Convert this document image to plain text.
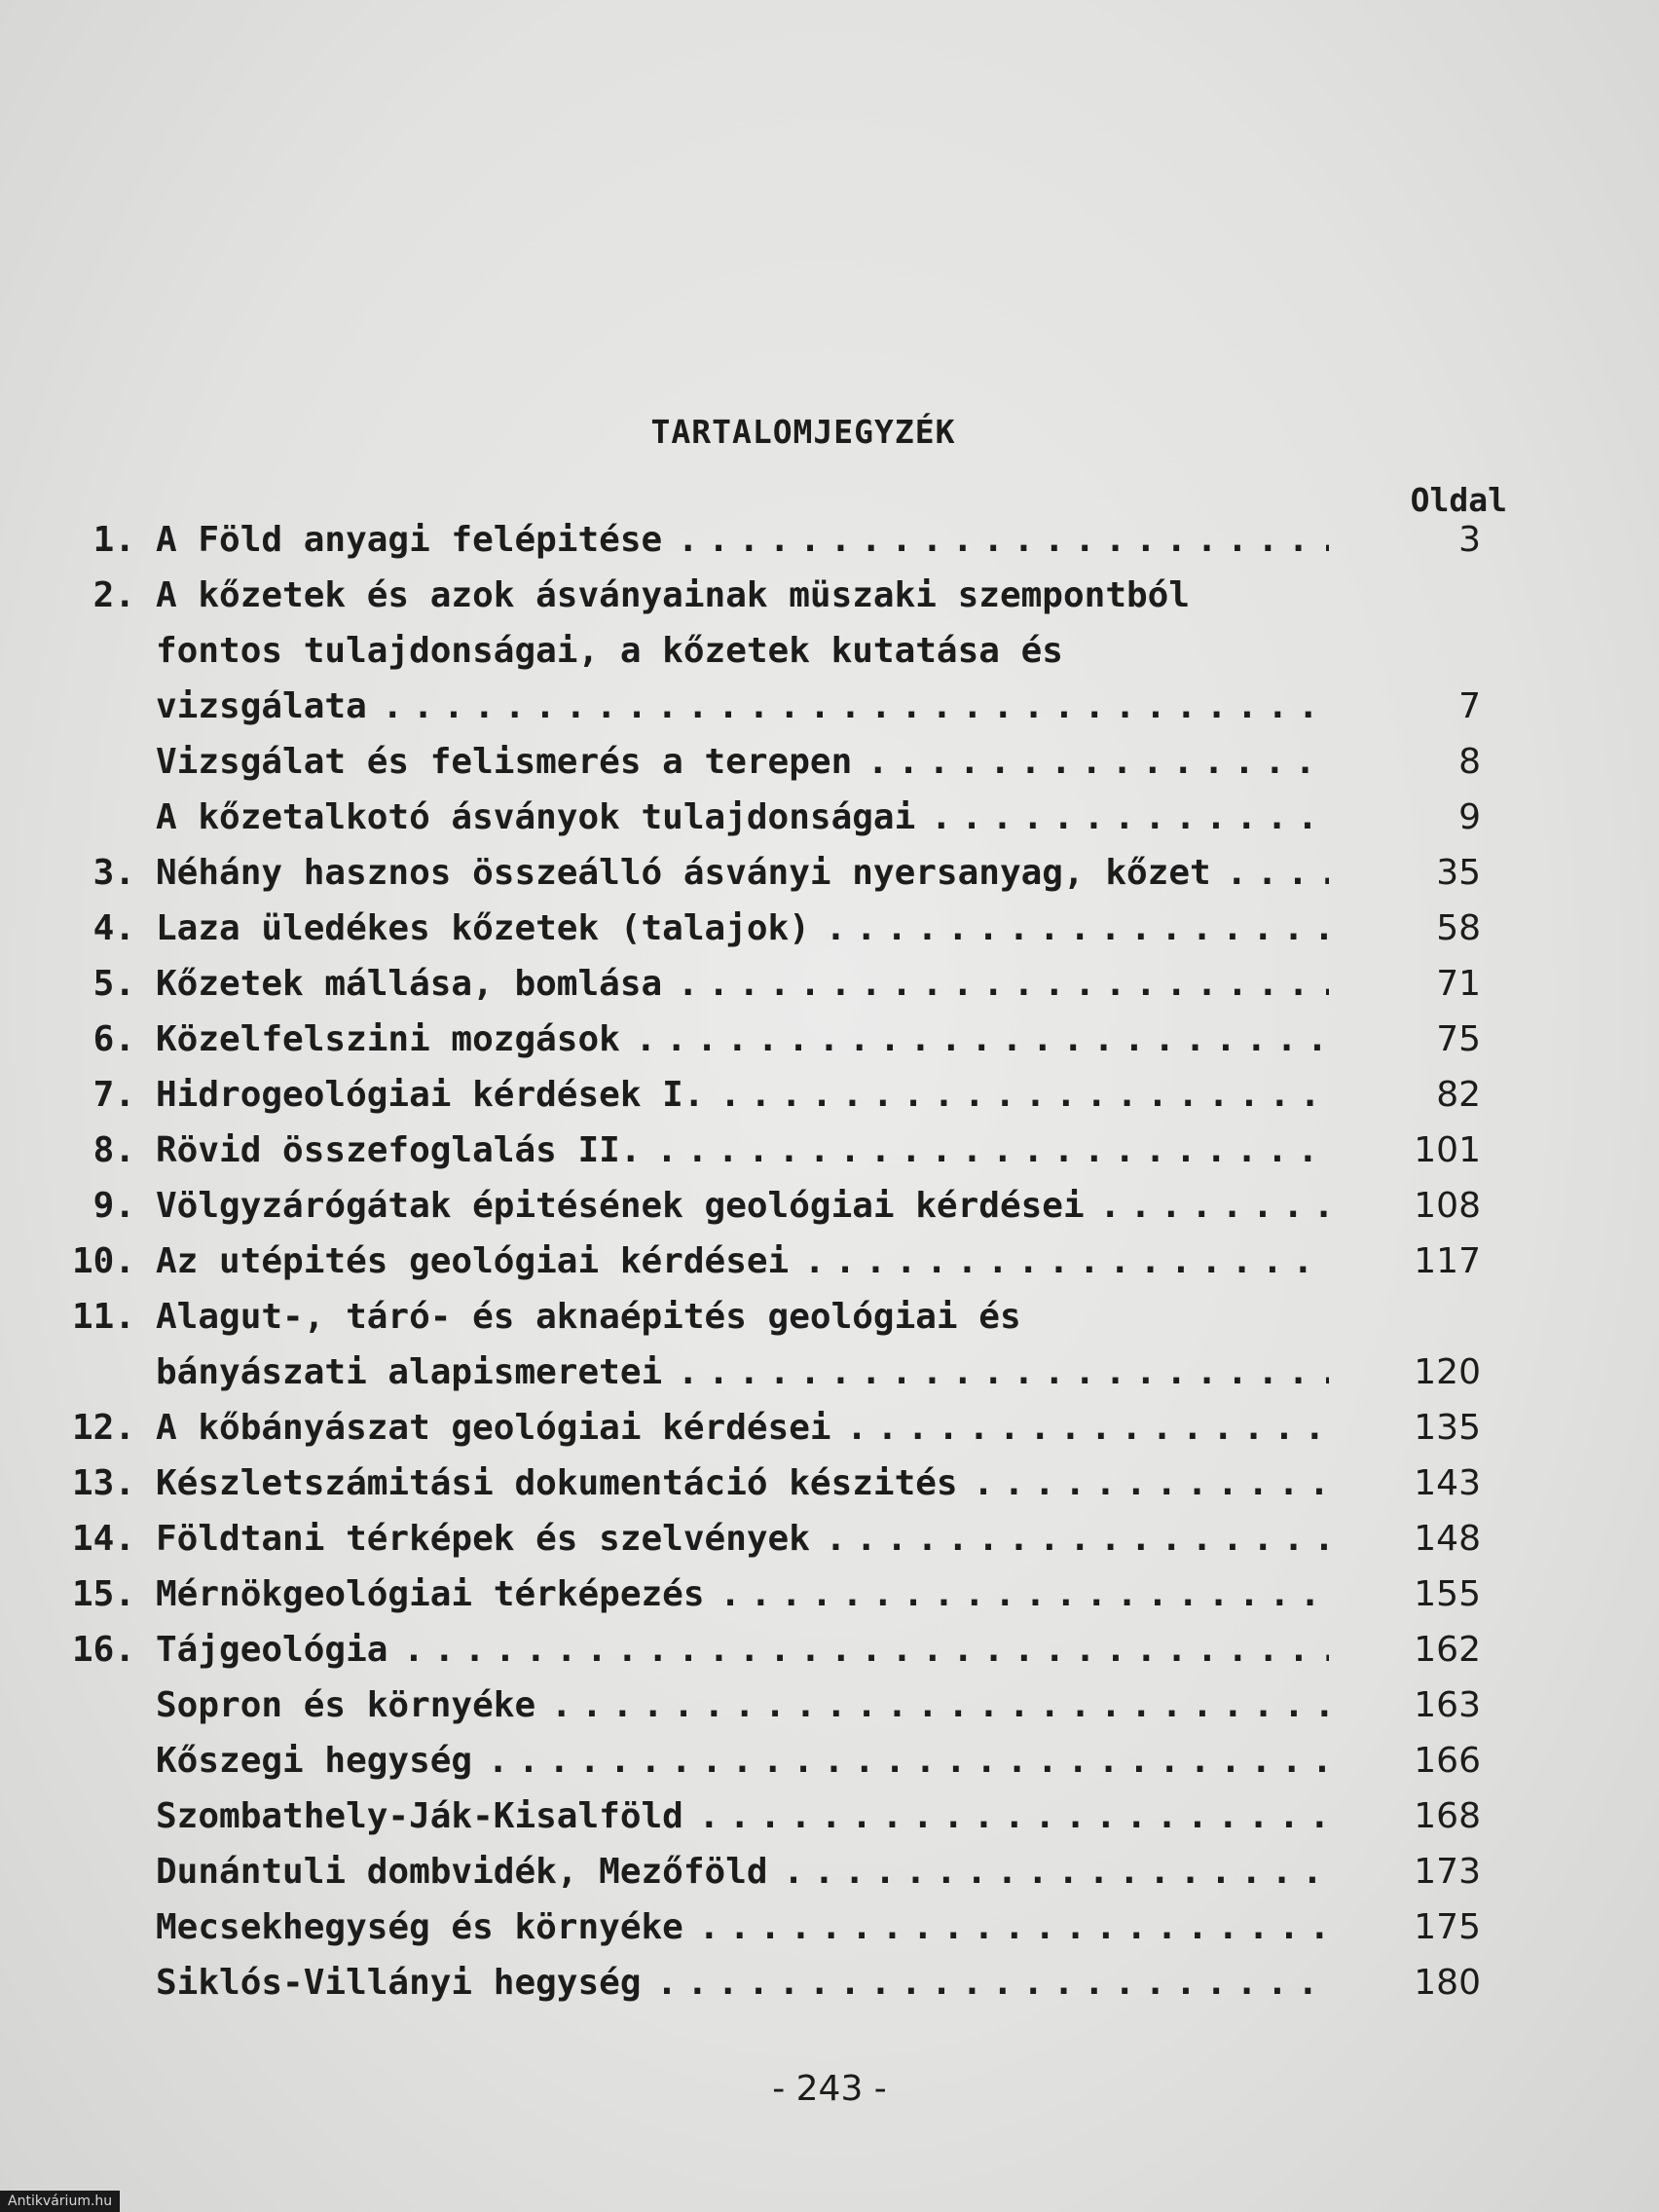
TARTALOMJEGYZÉK
Oldal
1. A Föld anyagi felépitése . . .	3
2. A kőzetek és azok ásványainak müszaki szempontból
fontos tulajdonságai, a kőzetek kutatása és
vizsgálata . . .	7
Vizsgálat és felismerés a terepen . . .	8
A kőzetalkotó ásványok tulajdonságai . . .	9
3. Néhány hasznos összeálló ásványi nyersanyag, kőzet . . .	35
4. Laza üledékes kőzetek (talajok) . . .	58
5. Kőzetek mállása, bomlása . . .	71
6. Közelfelszini mozgások . . .	75
7. Hidrogeológiai kérdések I. . . .	82
8. Rövid összefoglalás II. . . .	101
9. Völgyzárógátak épitésének geológiai kérdései . . .	108
10. Az utépités geológiai kérdései . . .	117
11. Alagut-, táró- és aknaépités geológiai és
bányászati alapismeretei . . .	120
12. A kőbányászat geológiai kérdései . . .	135
13. Készletszámitási dokumentáció készités . . .	143
14. Földtani térképek és szelvények . . .	148
15. Mérnökgeológiai térképezés . . .	155
16. Tájgeológia . . .	162
Sopron és környéke . . .	163
Kőszegi hegység . . .	166
Szombathely-Ják-Kisalföld . . .	168
Dunántuli dombvidék, Mezőföld . . .	173
Mecsekhegység és környéke . . .	175
Siklós-Villányi hegység . . .	180
- 243 -
Antikvárium.hu
